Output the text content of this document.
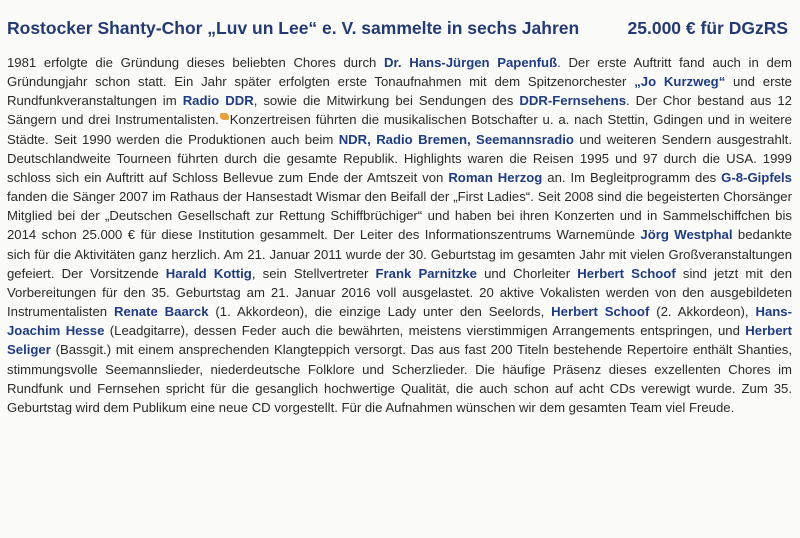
Rostocker Shanty-Chor „Luv un Lee“ e. V. sammelte in sechs Jahren	25.000 € für DGzRS

1981 erfolgte die Gründung dieses beliebten Chores durch Dr. Hans-Jürgen Papenfuß. Der erste Auftritt fand auch in dem Gründungjahr schon statt. Ein Jahr später erfolgten erste Tonaufnahmen mit dem Spitzenorchester „Jo Kurzweg“ und erste Rundfunkveranstaltungen im Radio DDR, sowie die Mitwirkung bei Sendungen des DDR-Fernsehens. Der Chor bestand aus 12 Sängern und drei Instrumentalisten. Konzertreisen führten die musikalischen Botschafter u. a. nach Stettin, Gdingen und in weitere Städte. Seit 1990 werden die Produktionen auch beim NDR, Radio Bremen, Seemannsradio und weiteren Sendern ausgestrahlt. Deutschlandweite Tourneen führten durch die gesamte Republik. Highlights waren die Reisen 1995 und 97 durch die USA. 1999 schloss sich ein Auftritt auf Schloss Bellevue zum Ende der Amtszeit von Roman Herzog an. Im Begleitprogramm des G-8-Gipfels fanden die Sänger 2007 im Rathaus der Hansestadt Wismar den Beifall der „First Ladies“. Seit 2008 sind die begeisterten Chorsänger Mitglied bei der „Deutschen Gesellschaft zur Rettung Schiffbrüchiger“ und haben bei ihren Konzerten und in Sammelschiffchen bis 2014 schon 25.000 € für diese Institution gesammelt. Der Leiter des Informationszentrums Warnemünde Jörg Westphal bedankte sich für die Aktivitäten ganz herzlich. Am 21. Januar 2011 wurde der 30. Geburtstag im gesamten Jahr mit vielen Großveranstaltungen gefeiert. Der Vorsitzende Harald Kottig, sein Stellvertreter Frank Parnitzke und Chorleiter Herbert Schoof sind jetzt mit den Vorbereitungen für den 35. Geburtstag am 21. Januar 2016 voll ausgelastet. 20 aktive Vokalisten werden von den ausgebildeten Instrumentalisten Renate Baarck (1. Akkordeon), die einzige Lady unter den Seelords, Herbert Schoof (2. Akkordeon), Hans-Joachim Hesse (Leadgitarre), dessen Feder auch die bewährten, meistens vierstimmigen Arrangements entspringen, und Herbert Seliger (Bassgit.) mit einem ansprechenden Klangteppich versorgt. Das aus fast 200 Titeln bestehende Repertoire enthält Shanties, stimmungsvolle Seemannslieder, niederdeutsche Folklore und Scherzlieder. Die häufige Präsenz dieses exzellenten Chores im Rundfunk und Fernsehen spricht für die gesanglich hochwertige Qualität, die auch schon auf acht CDs verewigt wurde. Zum 35. Geburtstag wird dem Publikum eine neue CD vorgestellt. Für die Aufnahmen wünschen wir dem gesamten Team viel Freude.
